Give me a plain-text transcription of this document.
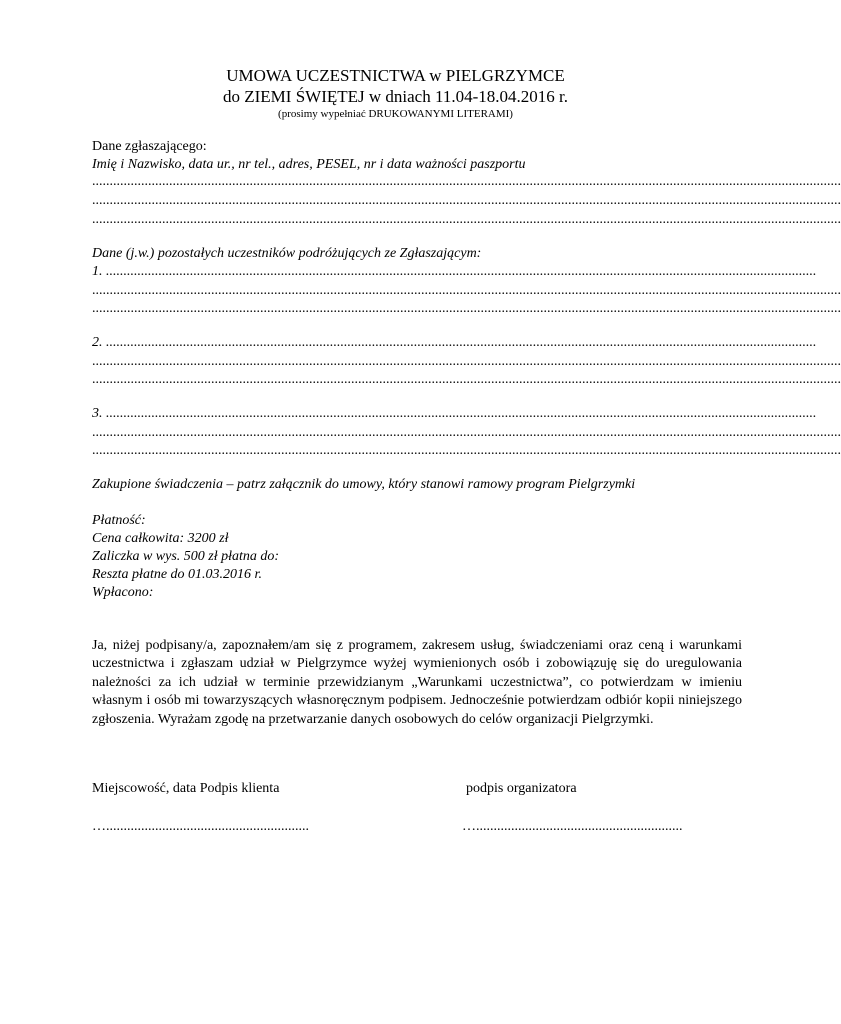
UMOWA UCZESTNICTWA w PIELGRZYMCE
do ZIEMI ŚWIĘTEJ w dniach 11.04-18.04.2016 r.
(prosimy wypełniać DRUKOWANYMI LITERAMI)
Dane zgłaszającego:
Imię i Nazwisko, data ur., nr tel., adres, PESEL, nr i data ważności paszportu
......................................................................................................................................................................................................................
......................................................................................................................................................................................................................
......................................................................................................................................................................................................................
Dane (j.w.) pozostałych uczestników podróżujących ze Zgłaszającym:
1. ...........................................................................................................................................................................................................
......................................................................................................................................................................................................................
......................................................................................................................................................................................................................
2. ...........................................................................................................................................................................................................
......................................................................................................................................................................................................................
......................................................................................................................................................................................................................
3. ...........................................................................................................................................................................................................
......................................................................................................................................................................................................................
......................................................................................................................................................................................................................
Zakupione świadczenia – patrz załącznik do umowy, który stanowi ramowy program Pielgrzymki
Płatność:
Cena całkowita: 3200 zł
Zaliczka w wys. 500 zł płatna do:
Reszta płatne do 01.03.2016 r.
Wpłacono:

Ja, niżej podpisany/a, zapoznałem/am się z programem, zakresem usług, świadczeniami oraz ceną i warunkami uczestnictwa i zgłaszam udział w Pielgrzymce wyżej wymienionych osób i zobowiązuję się do uregulowania należności za ich udział w terminie przewidzianym „Warunkami uczestnictwa”, co potwierdzam w imieniu własnym i osób mi towarzyszących własnoręcznym podpisem. Jednocześnie potwierdzam odbiór kopii niniejszego zgłoszenia. Wyrażam zgodę na przetwarzanie danych osobowych do celów organizacji Pielgrzymki.

Miejscowość, data Podpis klienta	podpis organizatora
…..........................................................	…...........................................................
